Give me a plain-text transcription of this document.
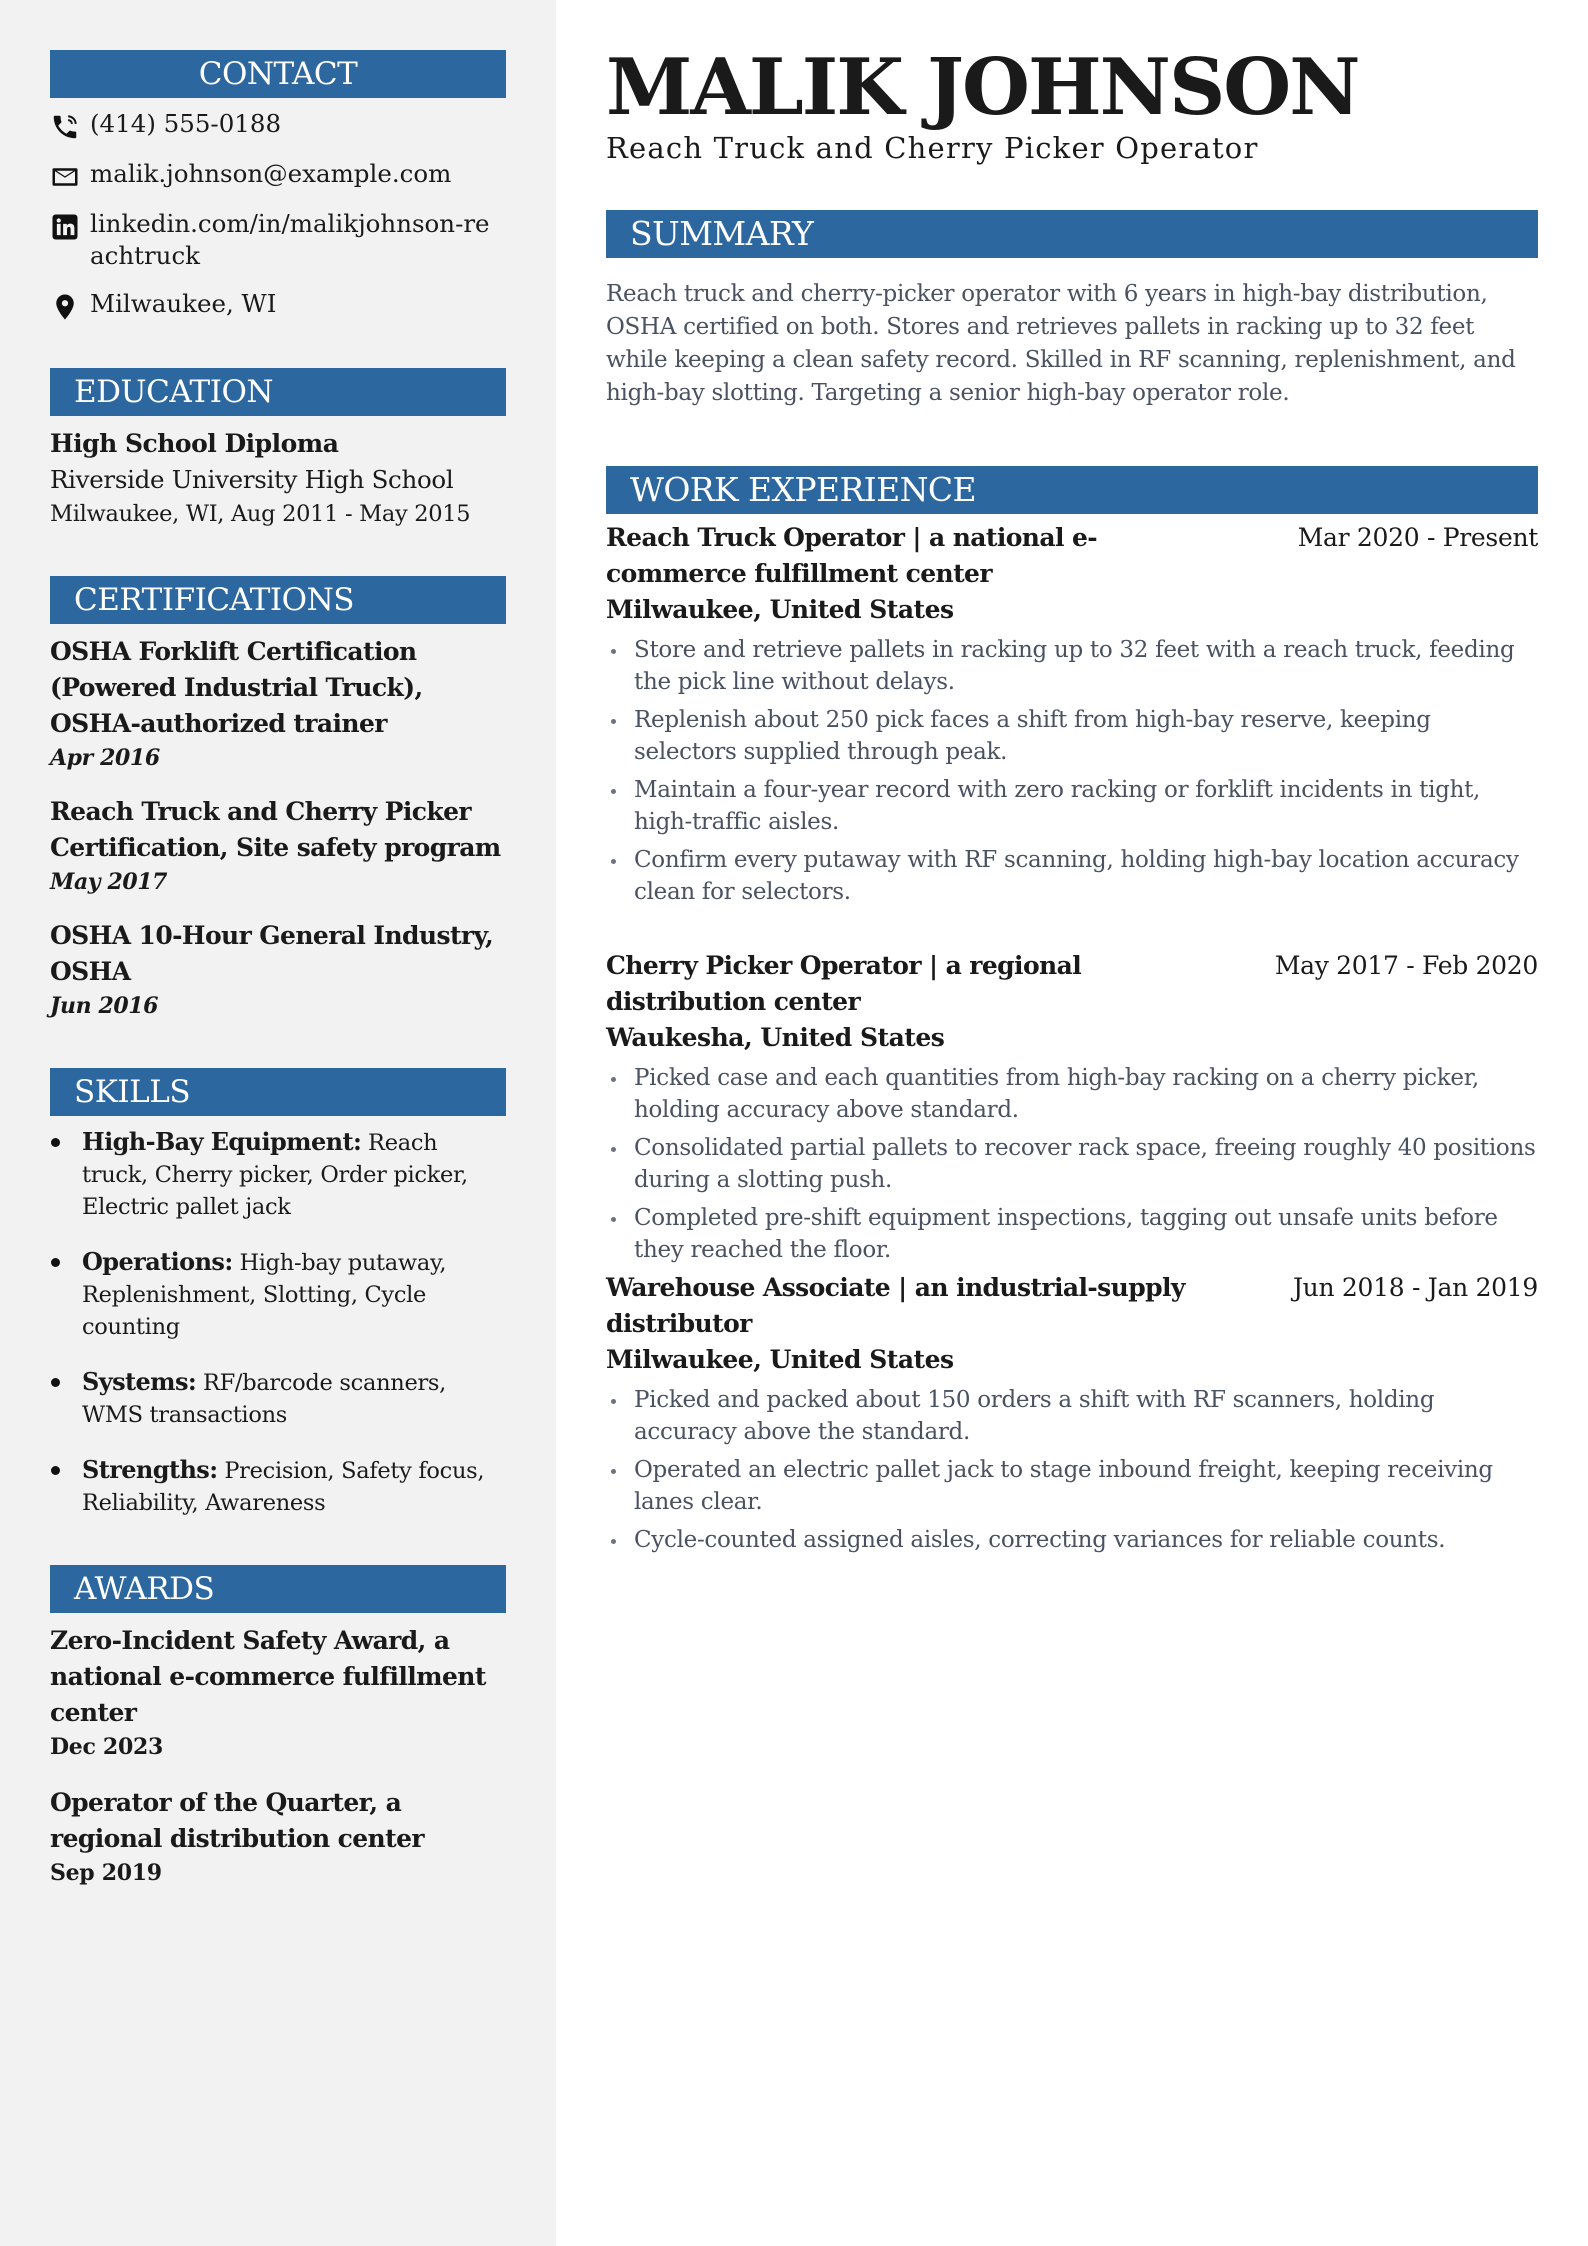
CONTACT
(414) 555-0188
malik.johnson@example.com
linkedin.com/in/malikjohnson-reachtruck
Milwaukee, WI
EDUCATION
High School Diploma
Riverside University High School
Milwaukee, WI, Aug 2011 - May 2015
CERTIFICATIONS
OSHA Forklift Certification (Powered Industrial Truck), OSHA-authorized trainer
Apr 2016
Reach Truck and Cherry Picker Certification, Site safety program
May 2017
OSHA 10-Hour General Industry, OSHA
Jun 2016
SKILLS
High-Bay Equipment: Reach truck, Cherry picker, Order picker, Electric pallet jack
Operations: High-bay putaway, Replenishment, Slotting, Cycle counting
Systems: RF/barcode scanners, WMS transactions
Strengths: Precision, Safety focus, Reliability, Awareness
AWARDS
Zero-Incident Safety Award, a national e-commerce fulfillment center
Dec 2023
Operator of the Quarter, a regional distribution center
Sep 2019
MALIK JOHNSON
Reach Truck and Cherry Picker Operator
SUMMARY

Reach truck and cherry-picker operator with 6 years in high-bay distribution, OSHA certified on both. Stores and retrieves pallets in racking up to 32 feet while keeping a clean safety record. Skilled in RF scanning, replenishment, and high-bay slotting. Targeting a senior high-bay operator role.

WORK EXPERIENCE
Reach Truck Operator | a national e-commerce fulfillment center
Mar 2020 - Present
Milwaukee, United States
Store and retrieve pallets in racking up to 32 feet with a reach truck, feeding the pick line without delays.
Replenish about 250 pick faces a shift from high-bay reserve, keeping selectors supplied through peak.
Maintain a four-year record with zero racking or forklift incidents in tight, high-traffic aisles.
Confirm every putaway with RF scanning, holding high-bay location accuracy clean for selectors.
Cherry Picker Operator | a regional distribution center
May 2017 - Feb 2020
Waukesha, United States
Picked case and each quantities from high-bay racking on a cherry picker, holding accuracy above standard.
Consolidated partial pallets to recover rack space, freeing roughly 40 positions during a slotting push.
Completed pre-shift equipment inspections, tagging out unsafe units before they reached the floor.
Warehouse Associate | an industrial-supply distributor
Jun 2018 - Jan 2019
Milwaukee, United States
Picked and packed about 150 orders a shift with RF scanners, holding accuracy above the standard.
Operated an electric pallet jack to stage inbound freight, keeping receiving lanes clear.
Cycle-counted assigned aisles, correcting variances for reliable counts.
